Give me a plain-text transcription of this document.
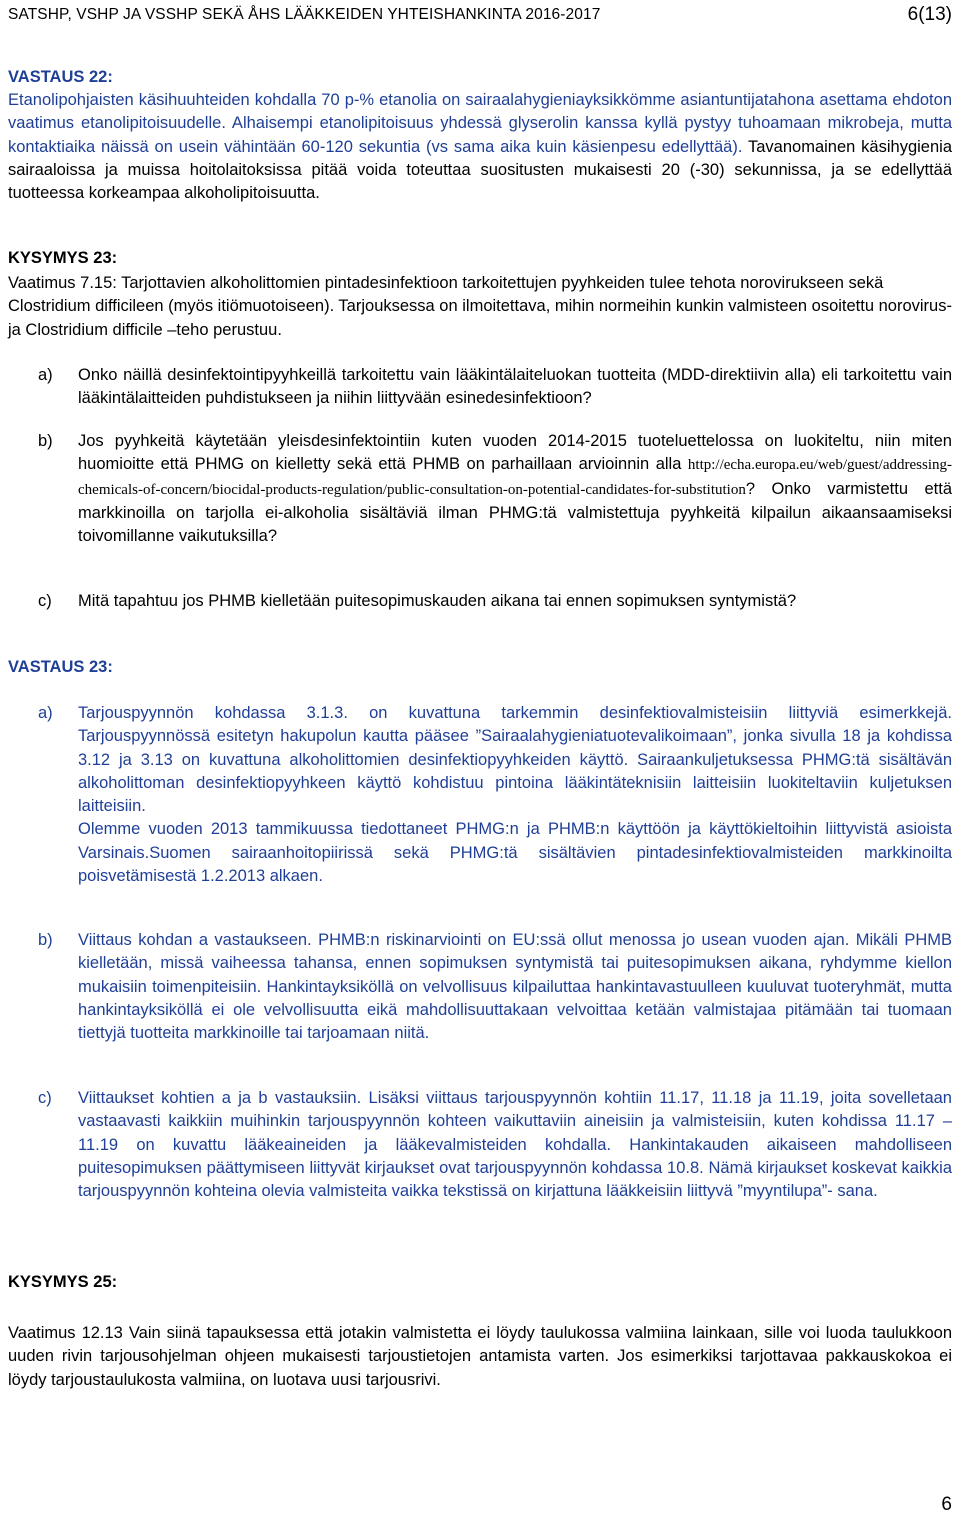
SATSHP, VSHP JA VSSHP SEKÄ ÅHS LÄÄKKEIDEN YHTEISHANKINTA 2016-2017	6(13)
VASTAUS 22:
Etanolipohjaisten käsihuuhteiden kohdalla 70 p-% etanolia on sairaalahygieniayksikkömme asiantuntijatahona asettama ehdoton vaatimus etanolipitoisuudelle. Alhaisempi etanolipitoisuus yhdessä glyserolin kanssa kyllä pystyy tuhoamaan mikrobeja, mutta kontaktiaika näissä on usein vähintään 60-120 sekuntia (vs sama aika kuin käsienpesu edellyttää). Tavanomainen käsihygienia sairaaloissa ja muissa hoitolaitoksissa pitää voida toteuttaa suositusten mukaisesti 20 (-30) sekunnissa, ja se edellyttää tuotteessa korkeampaa alkoholipitoisuutta.
KYSYMYS 23:
Vaatimus 7.15: Tarjottavien alkoholittomien pintadesinfektioon tarkoitettujen pyyhkeiden tulee tehota norovirukseen sekä Clostridium difficileen (myös itiömuotoiseen). Tarjouksessa on ilmoitettava, mihin normeihin kunkin valmisteen osoitettu norovirus- ja Clostridium difficile –teho perustuu.
a) Onko näillä desinfektointipyyhkeillä tarkoitettu vain lääkintälaiteluokan tuotteita (MDD-direktiivin alla) eli tarkoitettu vain lääkintälaitteiden puhdistukseen ja niihin liittyvään esinedesinfektioon?
b) Jos pyyhkeitä käytetään yleisdesinfektointiin kuten vuoden 2014-2015 tuoteluettelossa on luokiteltu, niin miten huomioitte että PHMG on kielletty sekä että PHMB on parhaillaan arvioinnin alla http://echa.europa.eu/web/guest/addressing-chemicals-of-concern/biocidal-products-regulation/public-consultation-on-potential-candidates-for-substitution? Onko varmistettu että markkinoilla on tarjolla ei-alkoholia sisältäviä ilman PHMG:tä valmistettuja pyyhkeitä kilpailun aikaansaamiseksi toivomillanne vaikutuksilla?
c) Mitä tapahtuu jos PHMB kielletään puitesopimuskauden aikana tai ennen sopimuksen syntymistä?
VASTAUS 23:
a) Tarjouspyynnön kohdassa 3.1.3. on kuvattuna tarkemmin desinfektiovalmisteisiin liittyviä esimerkkejä. Tarjouspyynnössä esitetyn hakupolun kautta pääsee ”Sairaalahygieniatuotevalikoimaan”, jonka sivulla 18 ja kohdissa 3.12 ja 3.13 on kuvattuna alkoholittomien desinfektiopyyhkeiden käyttö. Sairaankuljetuksessa PHMG:tä sisältävän alkoholittoman desinfektiopyyhkeen käyttö kohdistuu pintoina lääkintäteknisiin laitteisiin luokiteltaviin kuljetuksen laitteisiin.
Olemme vuoden 2013 tammikuussa tiedottaneet PHMG:n ja PHMB:n käyttöön ja käyttökieltoihin liittyvistä asioista Varsinais.Suomen sairaanhoitopiirissä sekä PHMG:tä sisältävien pintadesinfektiovalmisteiden markkinoilta poisvetämisestä 1.2.2013 alkaen.
b) Viittaus kohdan a vastaukseen. PHMB:n riskinarviointi on EU:ssä ollut menossa jo usean vuoden ajan. Mikäli PHMB kielletään, missä vaiheessa tahansa, ennen sopimuksen syntymistä tai puitesopimuksen aikana, ryhdymme kiellon mukaisiin toimenpiteisiin. Hankintayksiköllä on velvollisuus kilpailuttaa hankintavastuulleen kuuluvat tuoteryhmät, mutta hankintayksiköllä ei ole velvollisuutta eikä mahdollisuuttakaan velvoittaa ketään valmistajaa pitämään tai tuomaan tiettyjä tuotteita markkinoille tai tarjoamaan niitä.
c) Viittaukset kohtien a ja b vastauksiin. Lisäksi viittaus tarjouspyynnön kohtiin 11.17, 11.18 ja 11.19, joita sovelletaan vastaavasti kaikkiin muihinkin tarjouspyynnön kohteen vaikuttaviin aineisiin ja valmisteisiin, kuten kohdissa 11.17 – 11.19 on kuvattu lääkeaineiden ja lääkevalmisteiden kohdalla. Hankintakauden aikaiseen mahdolliseen puitesopimuksen päättymiseen liittyvät kirjaukset ovat tarjouspyynnön kohdassa 10.8. Nämä kirjaukset koskevat kaikkia tarjouspyynnön kohteina olevia valmisteita vaikka tekstissä on kirjattuna lääkkeisiin liittyvä ”myyntilupa”- sana.
KYSYMYS 25:
Vaatimus 12.13 Vain siinä tapauksessa että jotakin valmistetta ei löydy taulukossa valmiina lainkaan, sille voi luoda taulukkoon uuden rivin tarjousohjelman ohjeen mukaisesti tarjoustietojen antamista varten. Jos esimerkiksi tarjottavaa pakkauskokoa ei löydy tarjoustaulukosta valmiina, on luotava uusi tarjousrivi.
6
